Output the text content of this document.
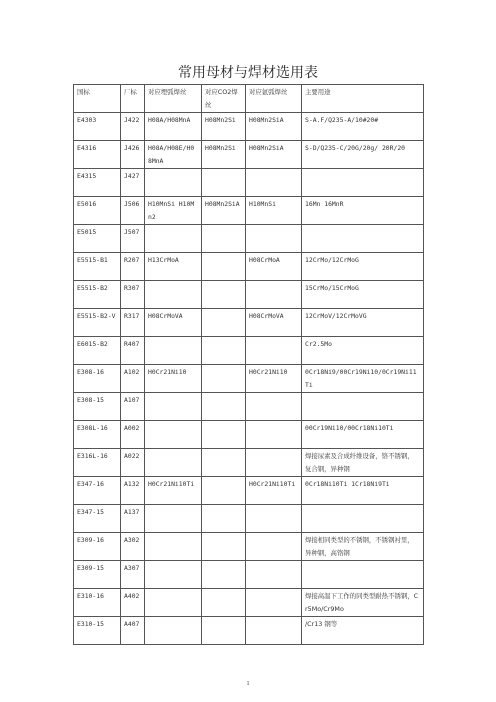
常用母材与焊材选用表
国标	厂标	对应埋弧焊丝	对应CO2焊丝	对应氩弧焊丝	主要用途
E4303	J422	H08A/H08MnA	H08Mn2Si	H08Mn2SiA	S-A.F/Q235-A/10#20#
E4316	J426	H08A/H08E/H08MnA	H08Mn2Si	H08Mn2SiA	S-D/Q235-C/20G/20g/ 20R/20
E4315	J427				
E5016	J506	H10MnSi H10Mn2	H08Mn2SiA	H10MnSi	16Mn 16MnR
E5015	J507				
E5515-B1	R207	H13CrMoA		H08CrMoA	12CrMo/12CrMoG
E5515-B2	R307				15CrMo/15CrMoG
E5515-B2-V	R317	H08CrMoVA		H08CrMoVA	12CrMoV/12CrMoVG
E6015-B2	R407				Cr2.5Mo
E308-16	A102	H0Cr21Ni10		H0Cr21Ni10	0Cr18Ni9/00Cr19Ni10/0Cr19Ni11Ti
E308-15	A107				
E308L-16	A002				00Cr19Ni10/00Cr18Ni10Ti
E316L-16	A022				焊接尿素及合成纤维设备，铬不锈钢，复合钢，异种钢
E347-16	A132	H0Cr21Ni10Ti		H0Cr21Ni10Ti	0Cr18Ni10Ti 1Cr18Ni9Ti
E347-15	A137				
E309-16	A302				焊接相同类型的不锈钢，不锈钢衬里，异种钢，高铬钢
E309-15	A307				
E310-16	A402				焊接高温下工作的同类型耐热不锈钢，Cr5Mo/Cr9Mo
E310-15	A407				/Cr13 钢等
1
